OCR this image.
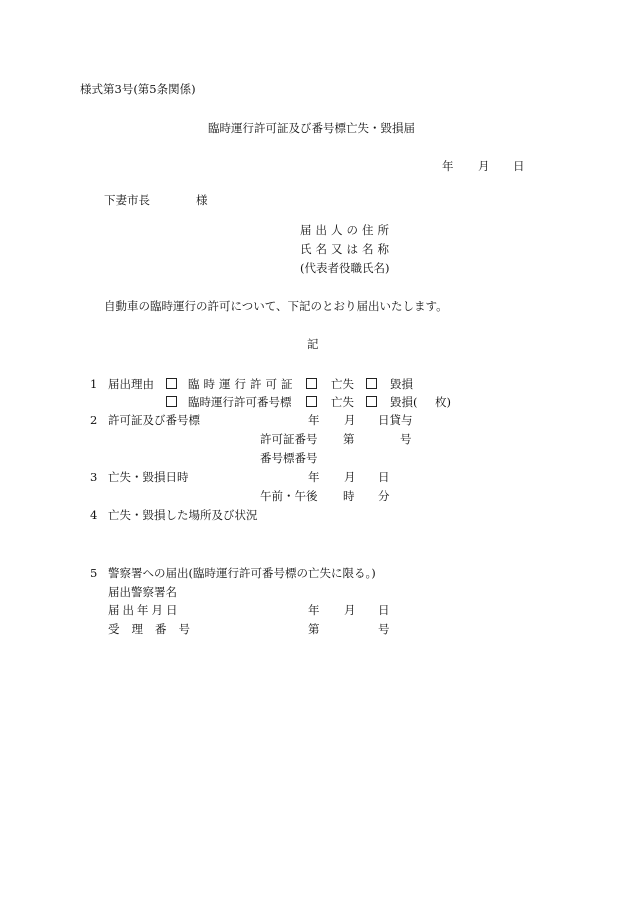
様式第3号(第5条関係)
臨時運行許可証及び番号標亡失・毀損届
年 月 日
下妻市長	様
届出人の住所
氏名又は名称
(代表者役職氏名)
自動車の臨時運行の許可について、下記のとおり届出いたします。
記
1 届出理由	臨時運行許可証	亡失	毀損
臨時運行許可番号標	亡失	毀損( 枚)
2 許可証及び番号標	年 月 日貸与
許可証番号 第	号
番号標番号
3 亡失・毀損日時	年 月 日
午前・午後 時 分
4 亡失・毀損した場所及び状況
5 警察署への届出(臨時運行許可番号標の亡失に限る。)
届出警察署名
届出年月日	年 月 日
受理番号	第	号
